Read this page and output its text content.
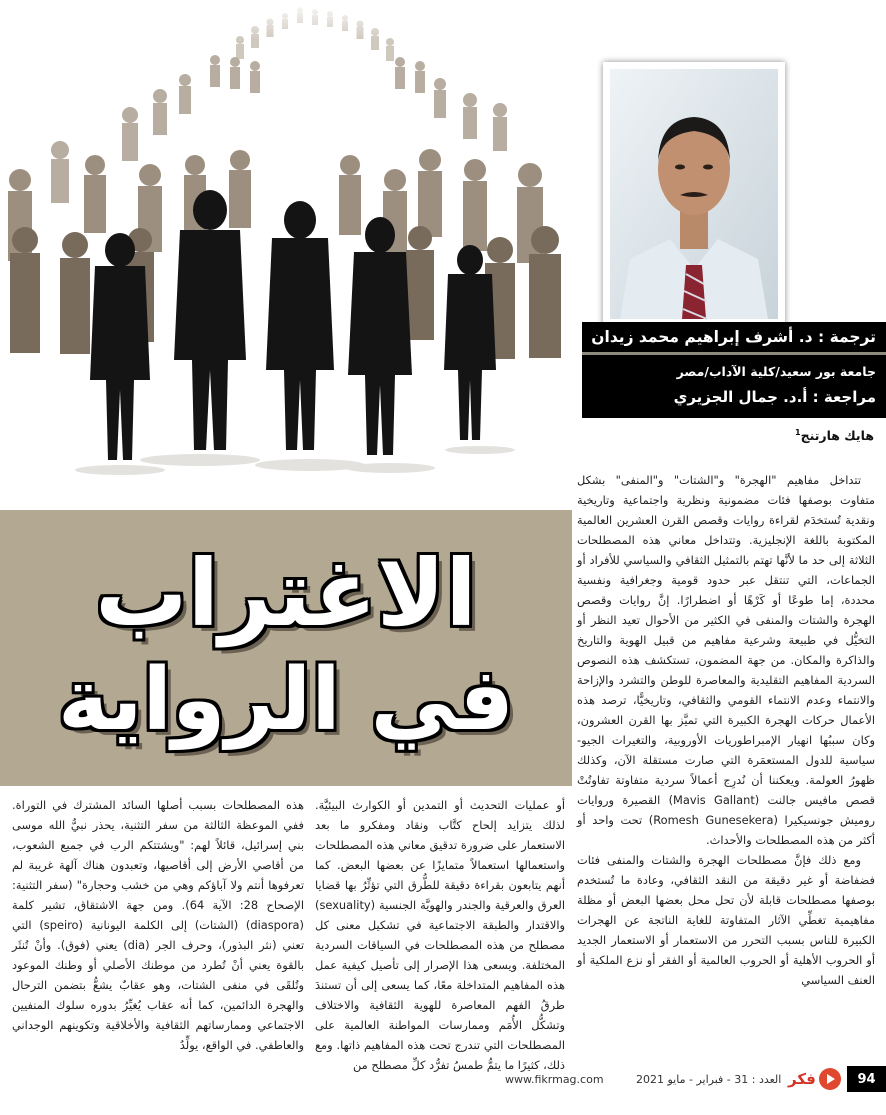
الاغتراب
في الرواية
ترجمة : د. أشرف إبراهيم محمد زيدان
جامعة بور سعيد/كلية الآداب/مصر
مراجعة : أ.د. جمال الجزيري
هايك هارتنج$^1$

تتداخل مفاهيم "الهجرة" و"الشتات" و"المنفى" بشكل متفاوت بوصفها فئات مضمونية ونظرية واجتماعية وتاريخية ونقدية تُستخدَم لقراءة روايات وقصص القرن العشرين العالمية المكتوبة باللغة الإنجليزية. وتتداخل معاني هذه المصطلحات الثلاثة إلى حد ما لأنَّها تهتم بالتمثيل الثقافي والسياسي للأفراد أو الجماعات، التي تنتقل عبر حدود قومية وجغرافية ونفسية محددة، إما طوعًا أو كَرْهًا أو اضطرارًا. إنَّ روايات وقصص الهجرة والشتات والمنفى في الكثير من الأحوال تعيد النظر أو التخيُّل في طبيعة وشرعية مفاهيم من قبيل الهوية والتاريخ والذاكرة والمكان. من جهة المضمون، تستكشف هذه النصوص السردية المفاهيم التقليدية والمعاصرة للوطن والتشرد والإزاحة والانتماء وعدم الانتماء القومي والثقافي، وتاريخيًّا، ترصد هذه الأعمال حركات الهجرة الكبيرة التي تميَّز بها القرن العشرون، وكان سببُها انهيار الإمبراطوريات الأوروبية، والتغيرات الجيو-سياسية للدول المستعمَرة التي صارت مستقلة الآن، وكذلك ظهورُ العولمة. ويعكننا أن نُدرِج أعمالاً سردية متفاوتة تفاوتُتْ قصص مافيس جالنت (Mavis Gallant) القصيرة وروايات روميش جونسيكيرا (Romesh Gunesekera) تحت واحد أو أكثر من هذه المصطلحات والأحداث.

ومع ذلك فإنَّ مصطلحات الهجرة والشتات والمنفى فئات فضفاضة أو غير دقيقة من النقد الثقافي، وعادة ما تُستخدم بوصفها مصطلحات قابلة لأن تحل محل بعضها البعض أو مظلة مفاهيمية تغطِّي الآثار المتفاوتة للغاية الناتجة عن الهجرات الكبيرة للناس بسبب التحرر من الاستعمار أو الاستعمار الجديد أو الحروب الأهلية أو الحروب العالمية أو الفقر أو نزع الملكية أو العنف السياسي

أو عمليات التحديث أو التمدين أو الكوارث البيئيَّة. لذلك يتزايد إلحاح كتَّاب ونقاد ومفكرو ما بعد الاستعمار على ضرورة تدقيق معاني هذه المصطلحات واستعمالها استعمالاً متمايزًا عن بعضها البعض. كما أنهم يتابعون بقراءة دقيقة للطُّرق التي تؤثِّرُ بها قضايا العرق والعرقية والجندر والهويَّة الجنسية (sexuality) والاقتدار والطبقة الاجتماعية في تشكيل معنى كل مصطلح من هذه المصطلحات في السياقات السردية المختلفة. ويسعى هذا الإصرار إلى تأصيل كيفية عمل هذه المفاهيم المتداخلة معًا، كما يسعى إلى أن تستندَ طرقُ الفهم المعاصرة للهوية الثقافية والاختلاف وتشكُّل الأُمَم وممارسات المواطنة العالمية على المصطلحات التي تندرج تحت هذه المفاهيم ذاتها. ومع ذلك، كثيرًا ما يتمُّ طمسُ تفرُّد كلِّ مصطلح من

هذه المصطلحات بسبب أصلها السائد المشترك في التوراة. ففي الموعظة الثالثة من سفر التثنية، يحذر نبيُّ الله موسى بني إسرائيل، قائلاً لهم: "ويشتتكم الرب في جميع الشعوب، من أقاصي الأرض إلى أقاصيها، وتعبدون هناك آلهة غريبة لم تعرفوها أنتم ولا آباؤكم وهي من خشب وحجارة" (سفر التثنية: الإصحاح 28: الآية 64). ومن جهة الاشتقاق، تشير كلمة (diaspora) (الشتات) إلى الكلمة اليونانية (speiro) التي تعني (نثر البذور)، وحرف الجر (dia) يعني (فوق). وأنْ تُنثَر بالقوة يعني أنْ تُطرد من موطنك الأصلي أو وطنك الموعود وتُلقَى في منفى الشتات، وهو عقابٌ يشعُّ بتضمن الترحال والهجرة الدائمين، كما أنه عقاب يُغيِّرُ بدوره سلوك المنفيين الاجتماعي وممارساتهم الثقافية والأخلاقية وتكوينهم الوجداني والعاطفي. في الواقع، يولِّدُ

www.fikrmag.com	العدد : 31 - فبراير - مايو 2021 فكر	94
